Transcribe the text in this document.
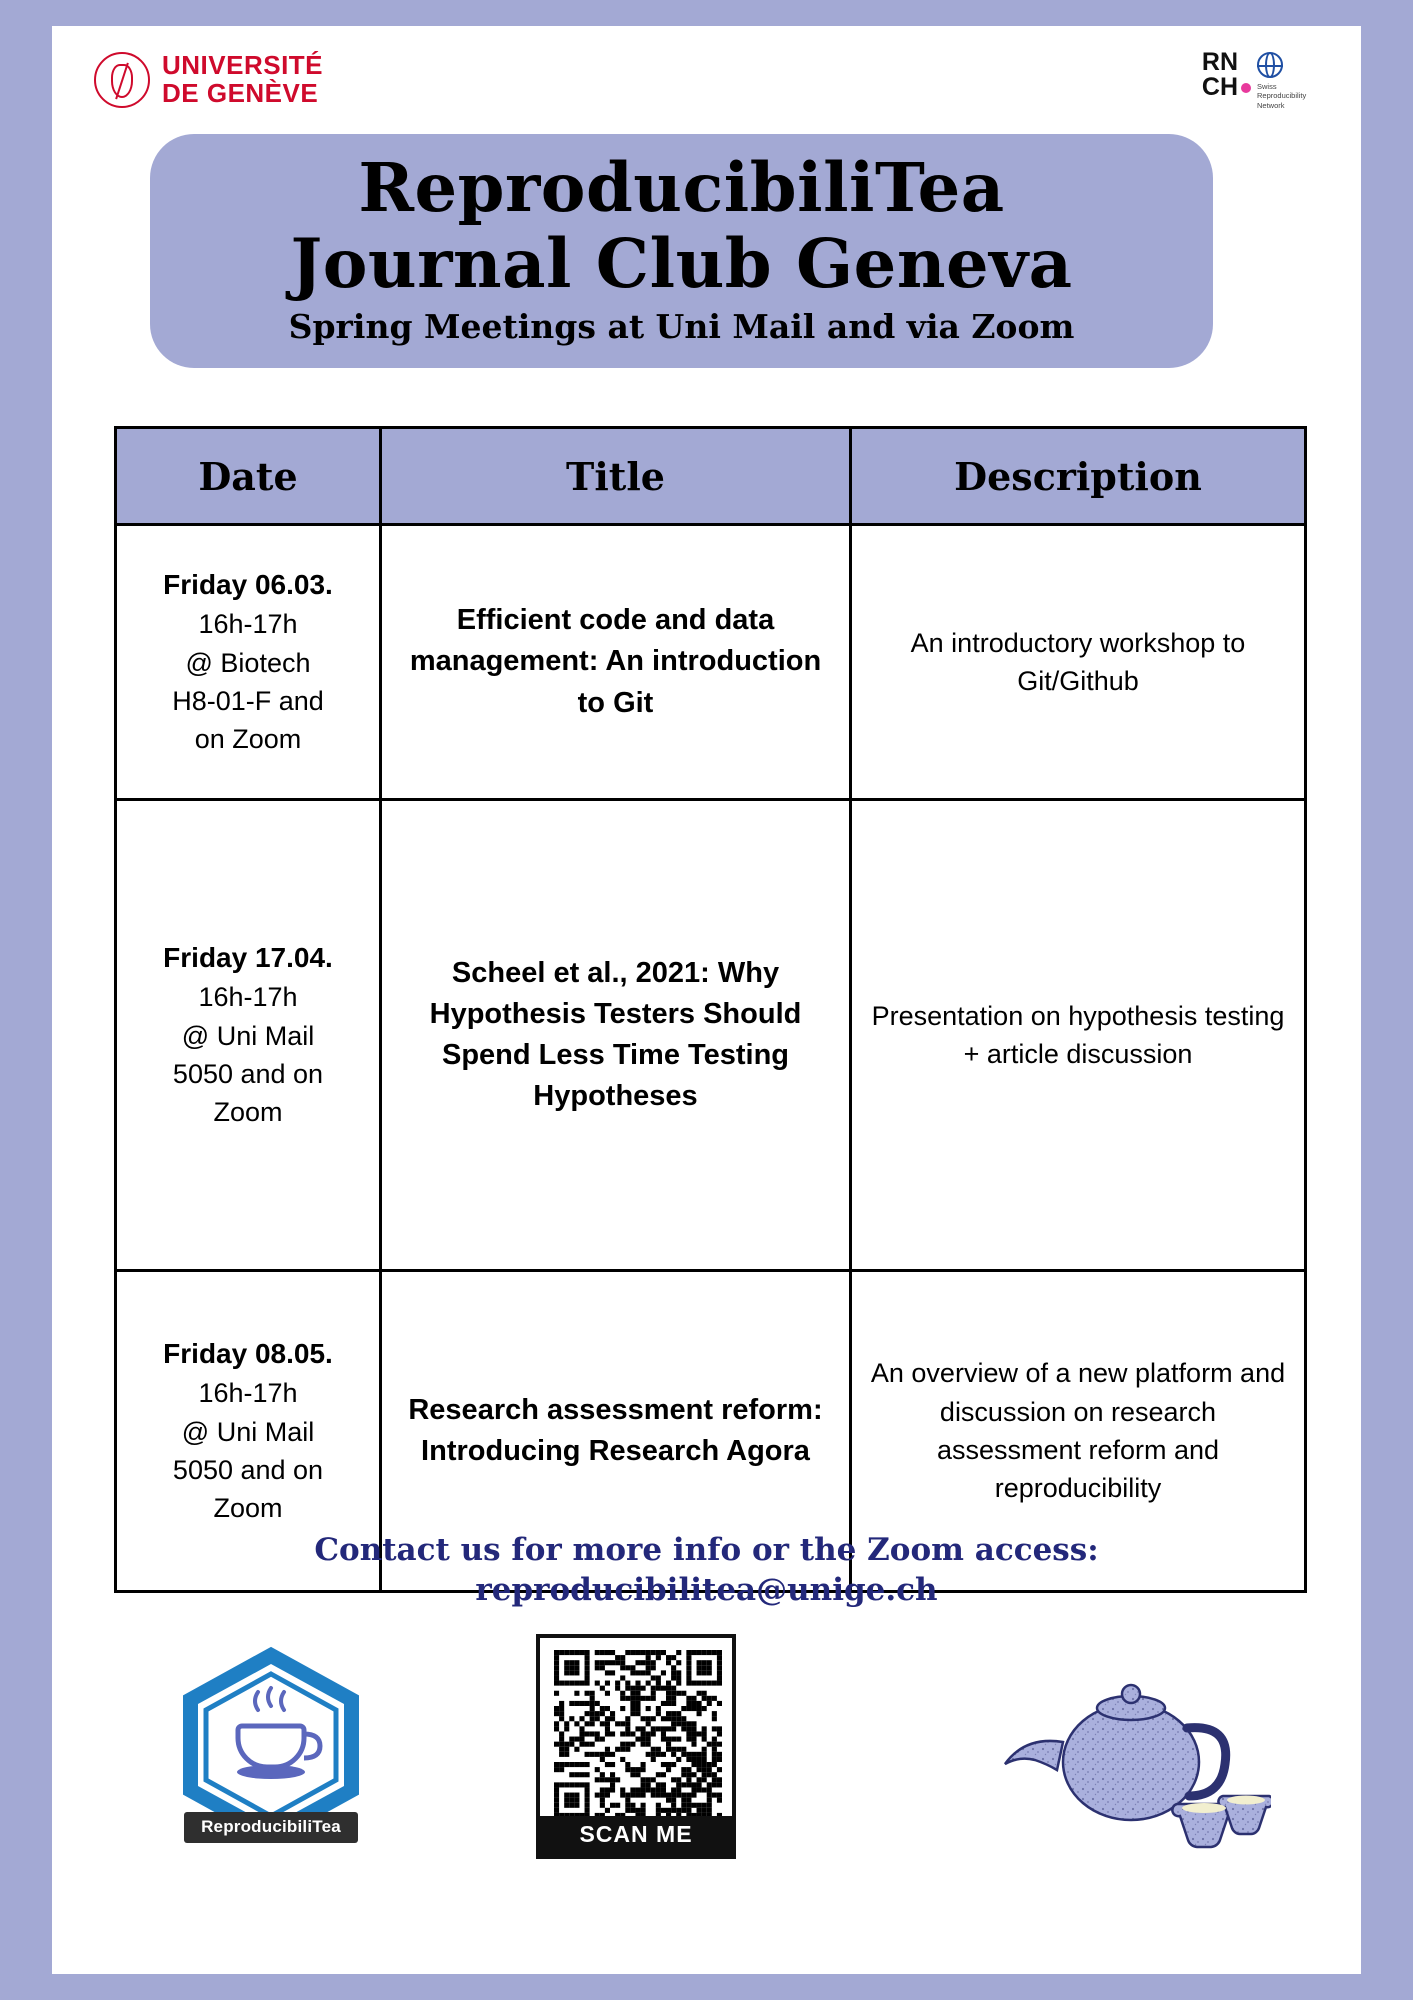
UNIVERSITÉ
DE GENÈVE
RN
CH	Swiss Reproducibility Network
ReproducibiliTea
Journal Club Geneva
Spring Meetings at Uni Mail and via Zoom
Date	Title	Description

Friday 06.03.
16h-17h
@ Biotech
H8-01-F and
on Zoom	Efficient code and data management: An introduction to Git	An introductory workshop to Git/Github

Friday 17.04.
16h-17h
@ Uni Mail
5050 and on
Zoom	Scheel et al., 2021: Why Hypothesis Testers Should Spend Less Time Testing Hypotheses	Presentation on hypothesis testing + article discussion

Friday 08.05.
16h-17h
@ Uni Mail
5050 and on
Zoom	Research assessment reform: Introducing Research Agora	An overview of a new platform and discussion on research assessment reform and reproducibility
Contact us for more info or the Zoom access:
reproducibilitea@unige.ch
ReproducibiliTea	SCAN ME
